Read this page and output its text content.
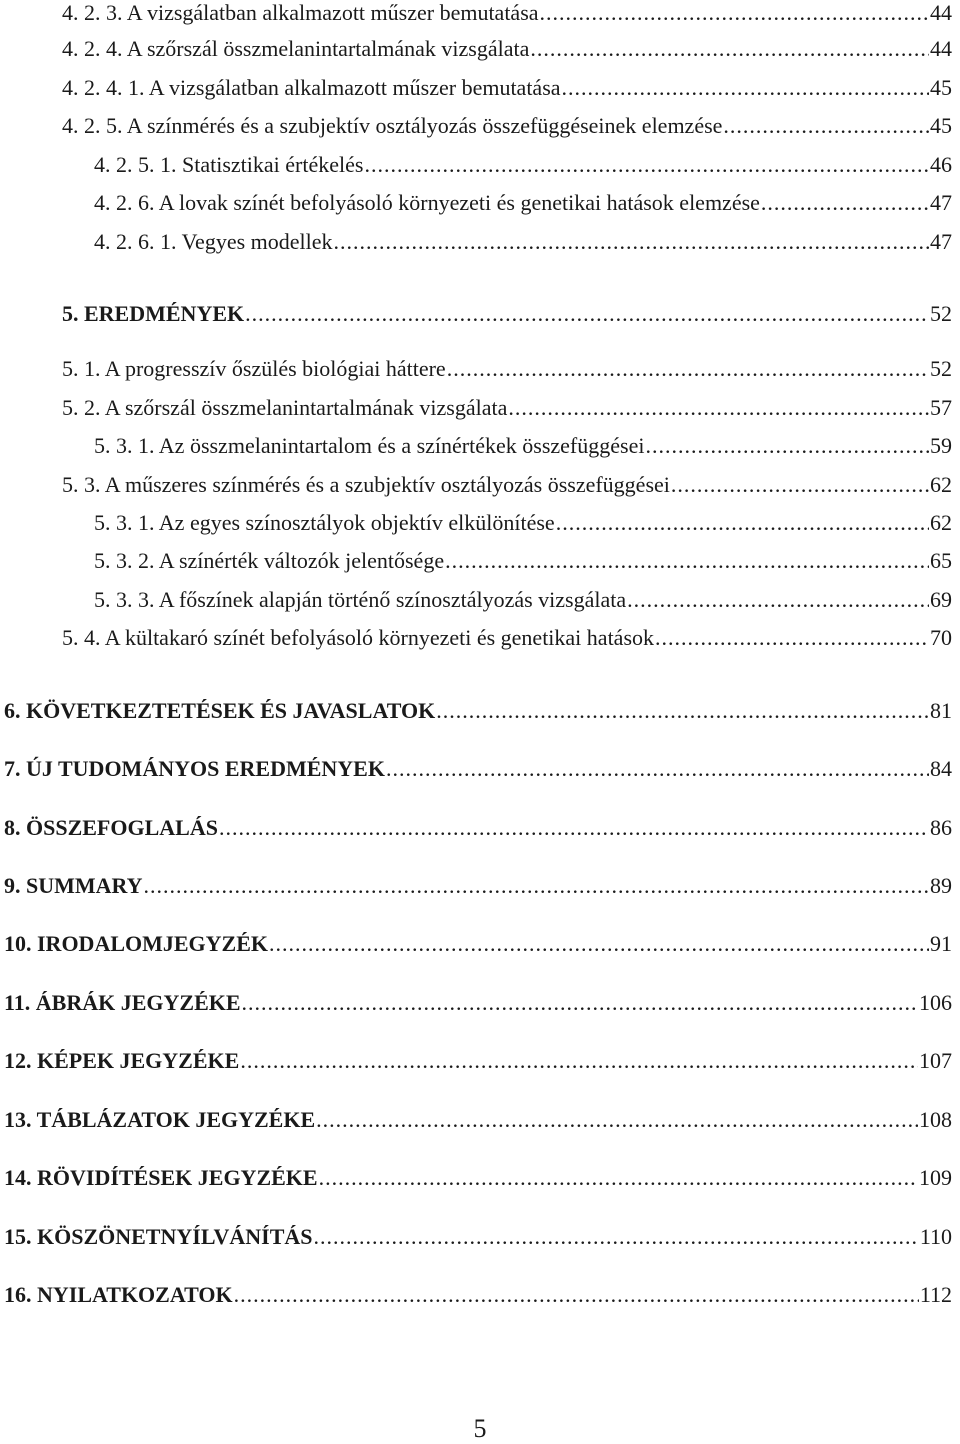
4. 2. 3. A vizsgálatban alkalmazott műszer bemutatása .....	44
4. 2. 4. A szőrszál összmelanintartalmának vizsgálata .....	44
4. 2. 4. 1. A vizsgálatban alkalmazott műszer bemutatása .....	45
4. 2. 5. A színmérés és a szubjektív osztályozás összefüggéseinek elemzése .....	45
4. 2. 5. 1. Statisztikai értékelés .....	46
4. 2. 6. A lovak színét befolyásoló környezeti és genetikai hatások elemzése .....	47
4. 2. 6. 1. Vegyes modellek .....	47
5. EREDMÉNYEK .....	52
5. 1. A progresszív őszülés biológiai háttere .....	52
5. 2. A szőrszál összmelanintartalmának vizsgálata .....	57
5. 3. 1. Az összmelanintartalom és a színértékek összefüggései .....	59
5. 3. A műszeres színmérés és a szubjektív osztályozás összefüggései .....	62
5. 3. 1. Az egyes színosztályok objektív elkülönítése .....	62
5. 3. 2. A színérték változók jelentősége .....	65
5. 3. 3. A főszínek alapján történő színosztályozás vizsgálata .....	69
5. 4. A kültakaró színét befolyásoló környezeti és genetikai hatások .....	70
6. KÖVETKEZTETÉSEK ÉS JAVASLATOK .....	81
7. ÚJ TUDOMÁNYOS EREDMÉNYEK .....	84
8. ÖSSZEFOGLALÁS .....	86
9. SUMMARY .....	89
10. IRODALOMJEGYZÉK .....	91
11. ÁBRÁK JEGYZÉKE .....	106
12. KÉPEK JEGYZÉKE .....	107
13. TÁBLÁZATOK JEGYZÉKE .....	108
14. RÖVIDÍTÉSEK JEGYZÉKE .....	109
15. KÖSZÖNETNYÍLVÁNÍTÁS .....	110
16. NYILATKOZATOK .....	112
5
